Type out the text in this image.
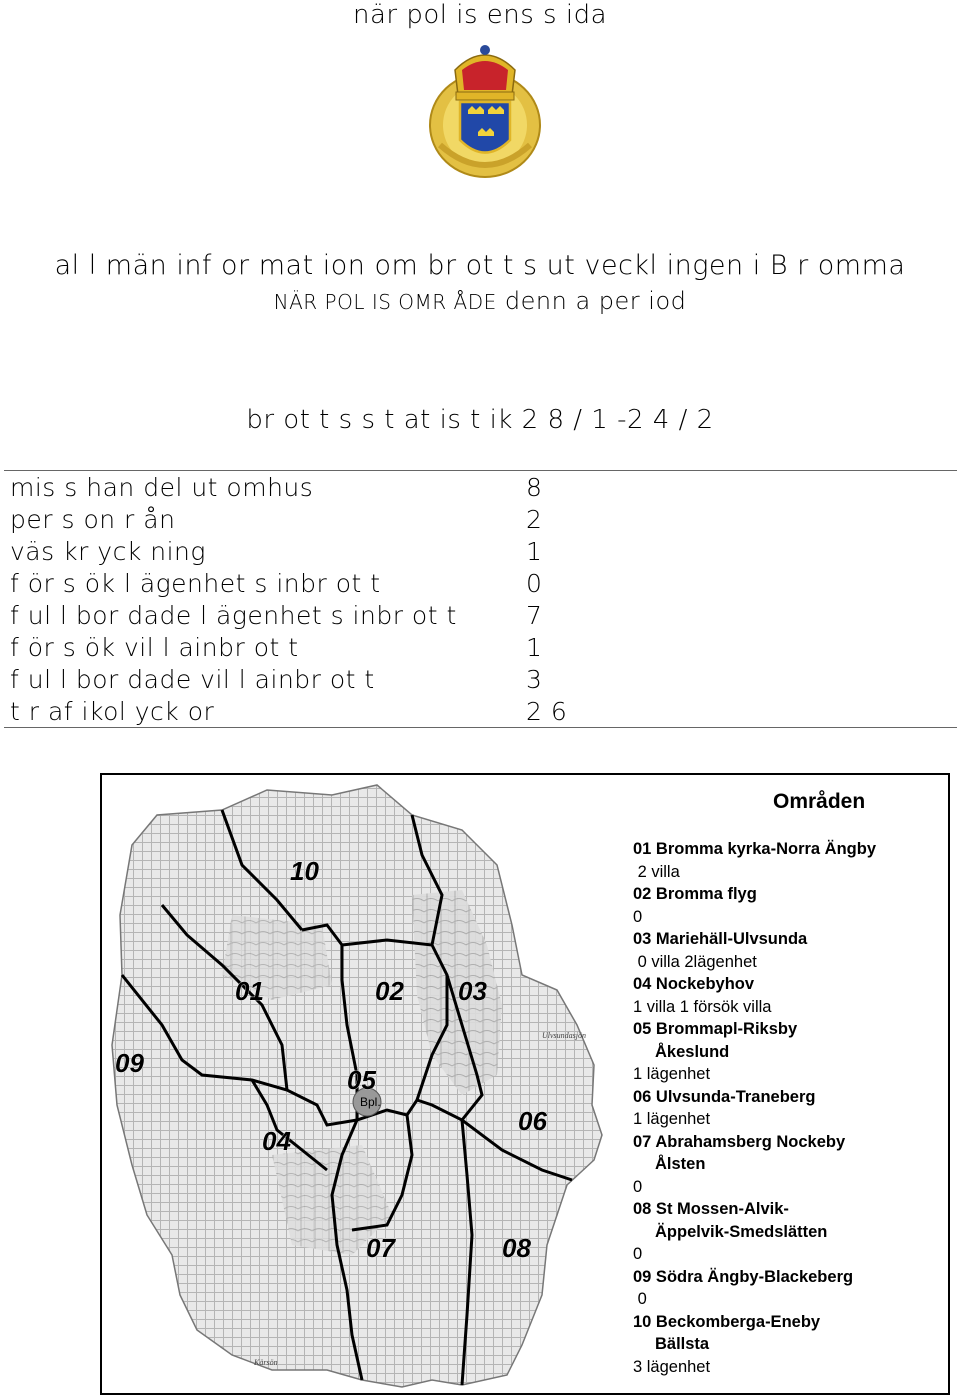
när pol is ens s ida
al l män inf or mat ion om br ot t s ut veckl ingen i B r omma
NÄR POL IS OMR ÅDE denn a per iod
br ot t s s t at is t ik 2 8 / 1 -2 4 / 2
mis s han del ut omhus	8	
per s on r ån	2	
väs kr yck ning	1	
f ör s ök l ägenhet s inbr ot t	0	
f ul l bor dade l ägenhet s inbr ot t	7	
f ör s ök vil l ainbr ot t	1	
f ul l bor dade vil l ainbr ot t	3	
t r af ikol yck or	2 6	
Ulvsundasjön
Kärsön
Bpl.
10
01	02 03
09
05
04
06
07	08
Områden
01 Bromma kyrka-Norra Ängby
2 villa
02 Bromma flyg
0
03 Mariehäll-Ulvsunda
0 villa 2lägenhet
04 Nockebyhov
1 villa 1 försök villa
05 Brommapl-Riksby
Åkeslund
1 lägenhet
06 Ulvsunda-Traneberg
1 lägenhet
07 Abrahamsberg Nockeby
Ålsten
0
08 St Mossen-Alvik-
Äppelvik-Smedslätten
0
09 Södra Ängby-Blackeberg
0
10 Beckomberga-Eneby
Bällsta
3 lägenhet
